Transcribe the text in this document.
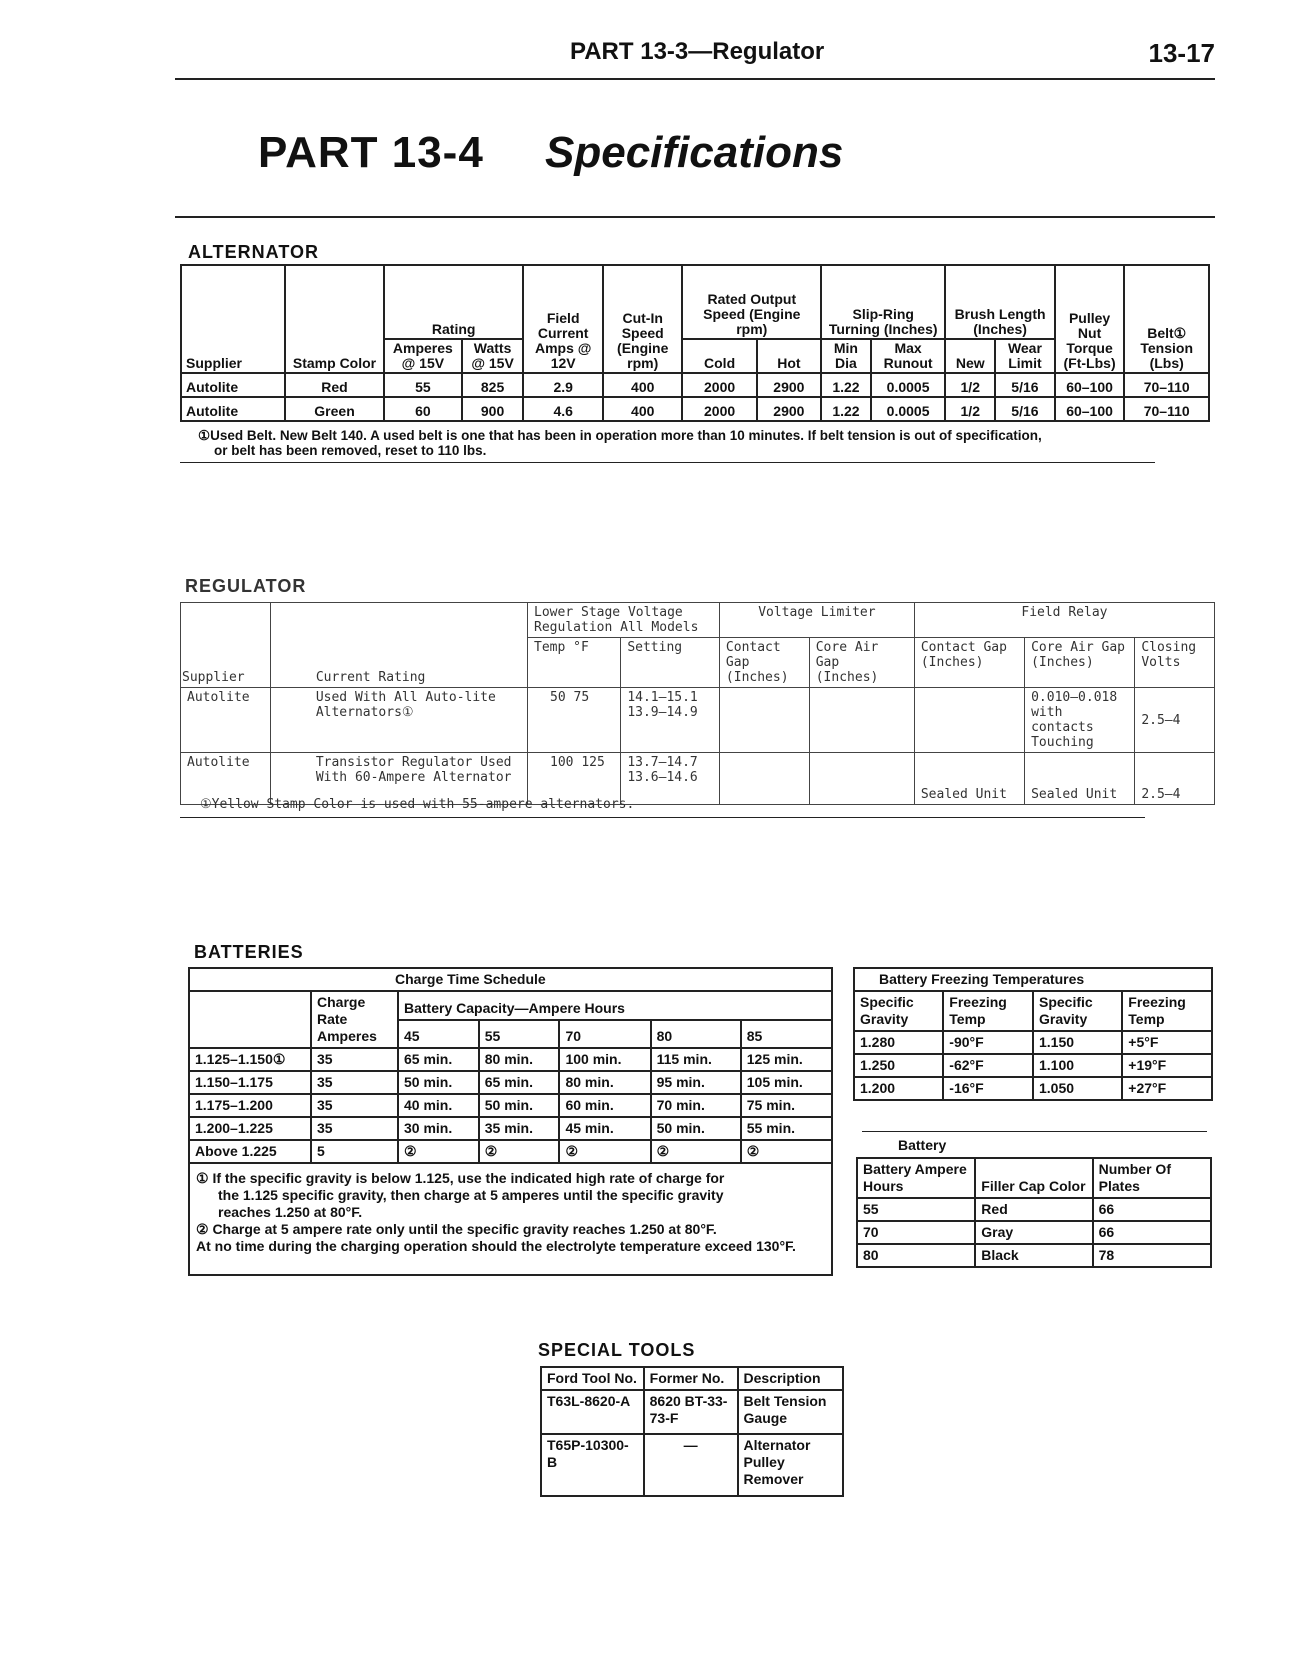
PART 13-3—Regulator	13-17
PART 13-4 Specifications
ALTERNATOR
Supplier	Stamp Color	Rating		Field Current Amps @ 12V	Cut-In Speed (Engine rpm)	Rated Output Speed (Engine rpm)		Slip-Ring Turning (Inches)		Brush Length (Inches)		Pulley Nut Torque (Ft-Lbs)	Belt① Tension (Lbs)
		Amperes @ 15V	Watts @ 15V			Cold	Hot	Min Dia	Max Runout	New	Wear Limit		
Autolite	Red	55	825	2.9	400	2000	2900	1.22	0.0005	1/2	5/16	60–100	70–110
Autolite	Green	60	900	4.6	400	2000	2900	1.22	0.0005	1/2	5/16	60–100	70–110
①Used Belt. New Belt 140. A used belt is one that has been in operation more than 10 minutes. If belt tension is out of specification,
or belt has been removed, reset to 110 lbs.
REGULATOR
Supplier	Current Rating	Lower Stage Voltage Regulation All Models		Voltage Limiter		Field Relay		
		Temp °F	Setting	Contact Gap (Inches)	Core Air Gap (Inches)	Contact Gap (Inches)	Core Air Gap (Inches)	Closing Volts
Autolite	Used With All Auto-lite Alternators①	50 75	14.1–15.1 13.9–14.9				0.010–0.018 with contacts Touching	2.5–4
Autolite	Transistor Regulator Used With 60-Ampere Alternator	100 125	13.7–14.7 13.6–14.6			Sealed Unit	Sealed Unit	2.5–4
①Yellow Stamp Color is used with 55-ampere alternators.
BATTERIES
Charge Time Schedule						
	Charge Rate Amperes	Battery Capacity—Ampere Hours				
		45	55	70	80	85
1.125–1.150①	35	65 min.	80 min.	100 min.	115 min.	125 min.
1.150–1.175	35	50 min.	65 min.	80 min.	95 min.	105 min.
1.175–1.200	35	40 min.	50 min.	60 min.	70 min.	75 min.
1.200–1.225	35	30 min.	35 min.	45 min.	50 min.	55 min.
Above 1.225	5	②	②	②	②	②

① If the specific gravity is below 1.125, use the indicated high rate of charge for
the 1.125 specific gravity, then charge at 5 amperes until the specific gravity
reaches 1.250 at 80°F.
② Charge at 5 ampere rate only until the specific gravity reaches 1.250 at 80°F.
At no time during the charging operation should the electrolyte temperature exceed 130°F.						
Battery Freezing Temperatures			
Specific Gravity	Freezing Temp	Specific Gravity	Freezing Temp
1.280	-90°F	1.150	+5°F
1.250	-62°F	1.100	+19°F
1.200	-16°F	1.050	+27°F
Battery
Battery Ampere Hours	Filler Cap Color	Number Of Plates
55	Red	66
70	Gray	66
80	Black	78
SPECIAL TOOLS
Ford Tool No.	Former No.	Description
T63L-8620-A	8620 BT-33-73-F	Belt Tension Gauge
T65P-10300-B	—	Alternator Pulley Remover
